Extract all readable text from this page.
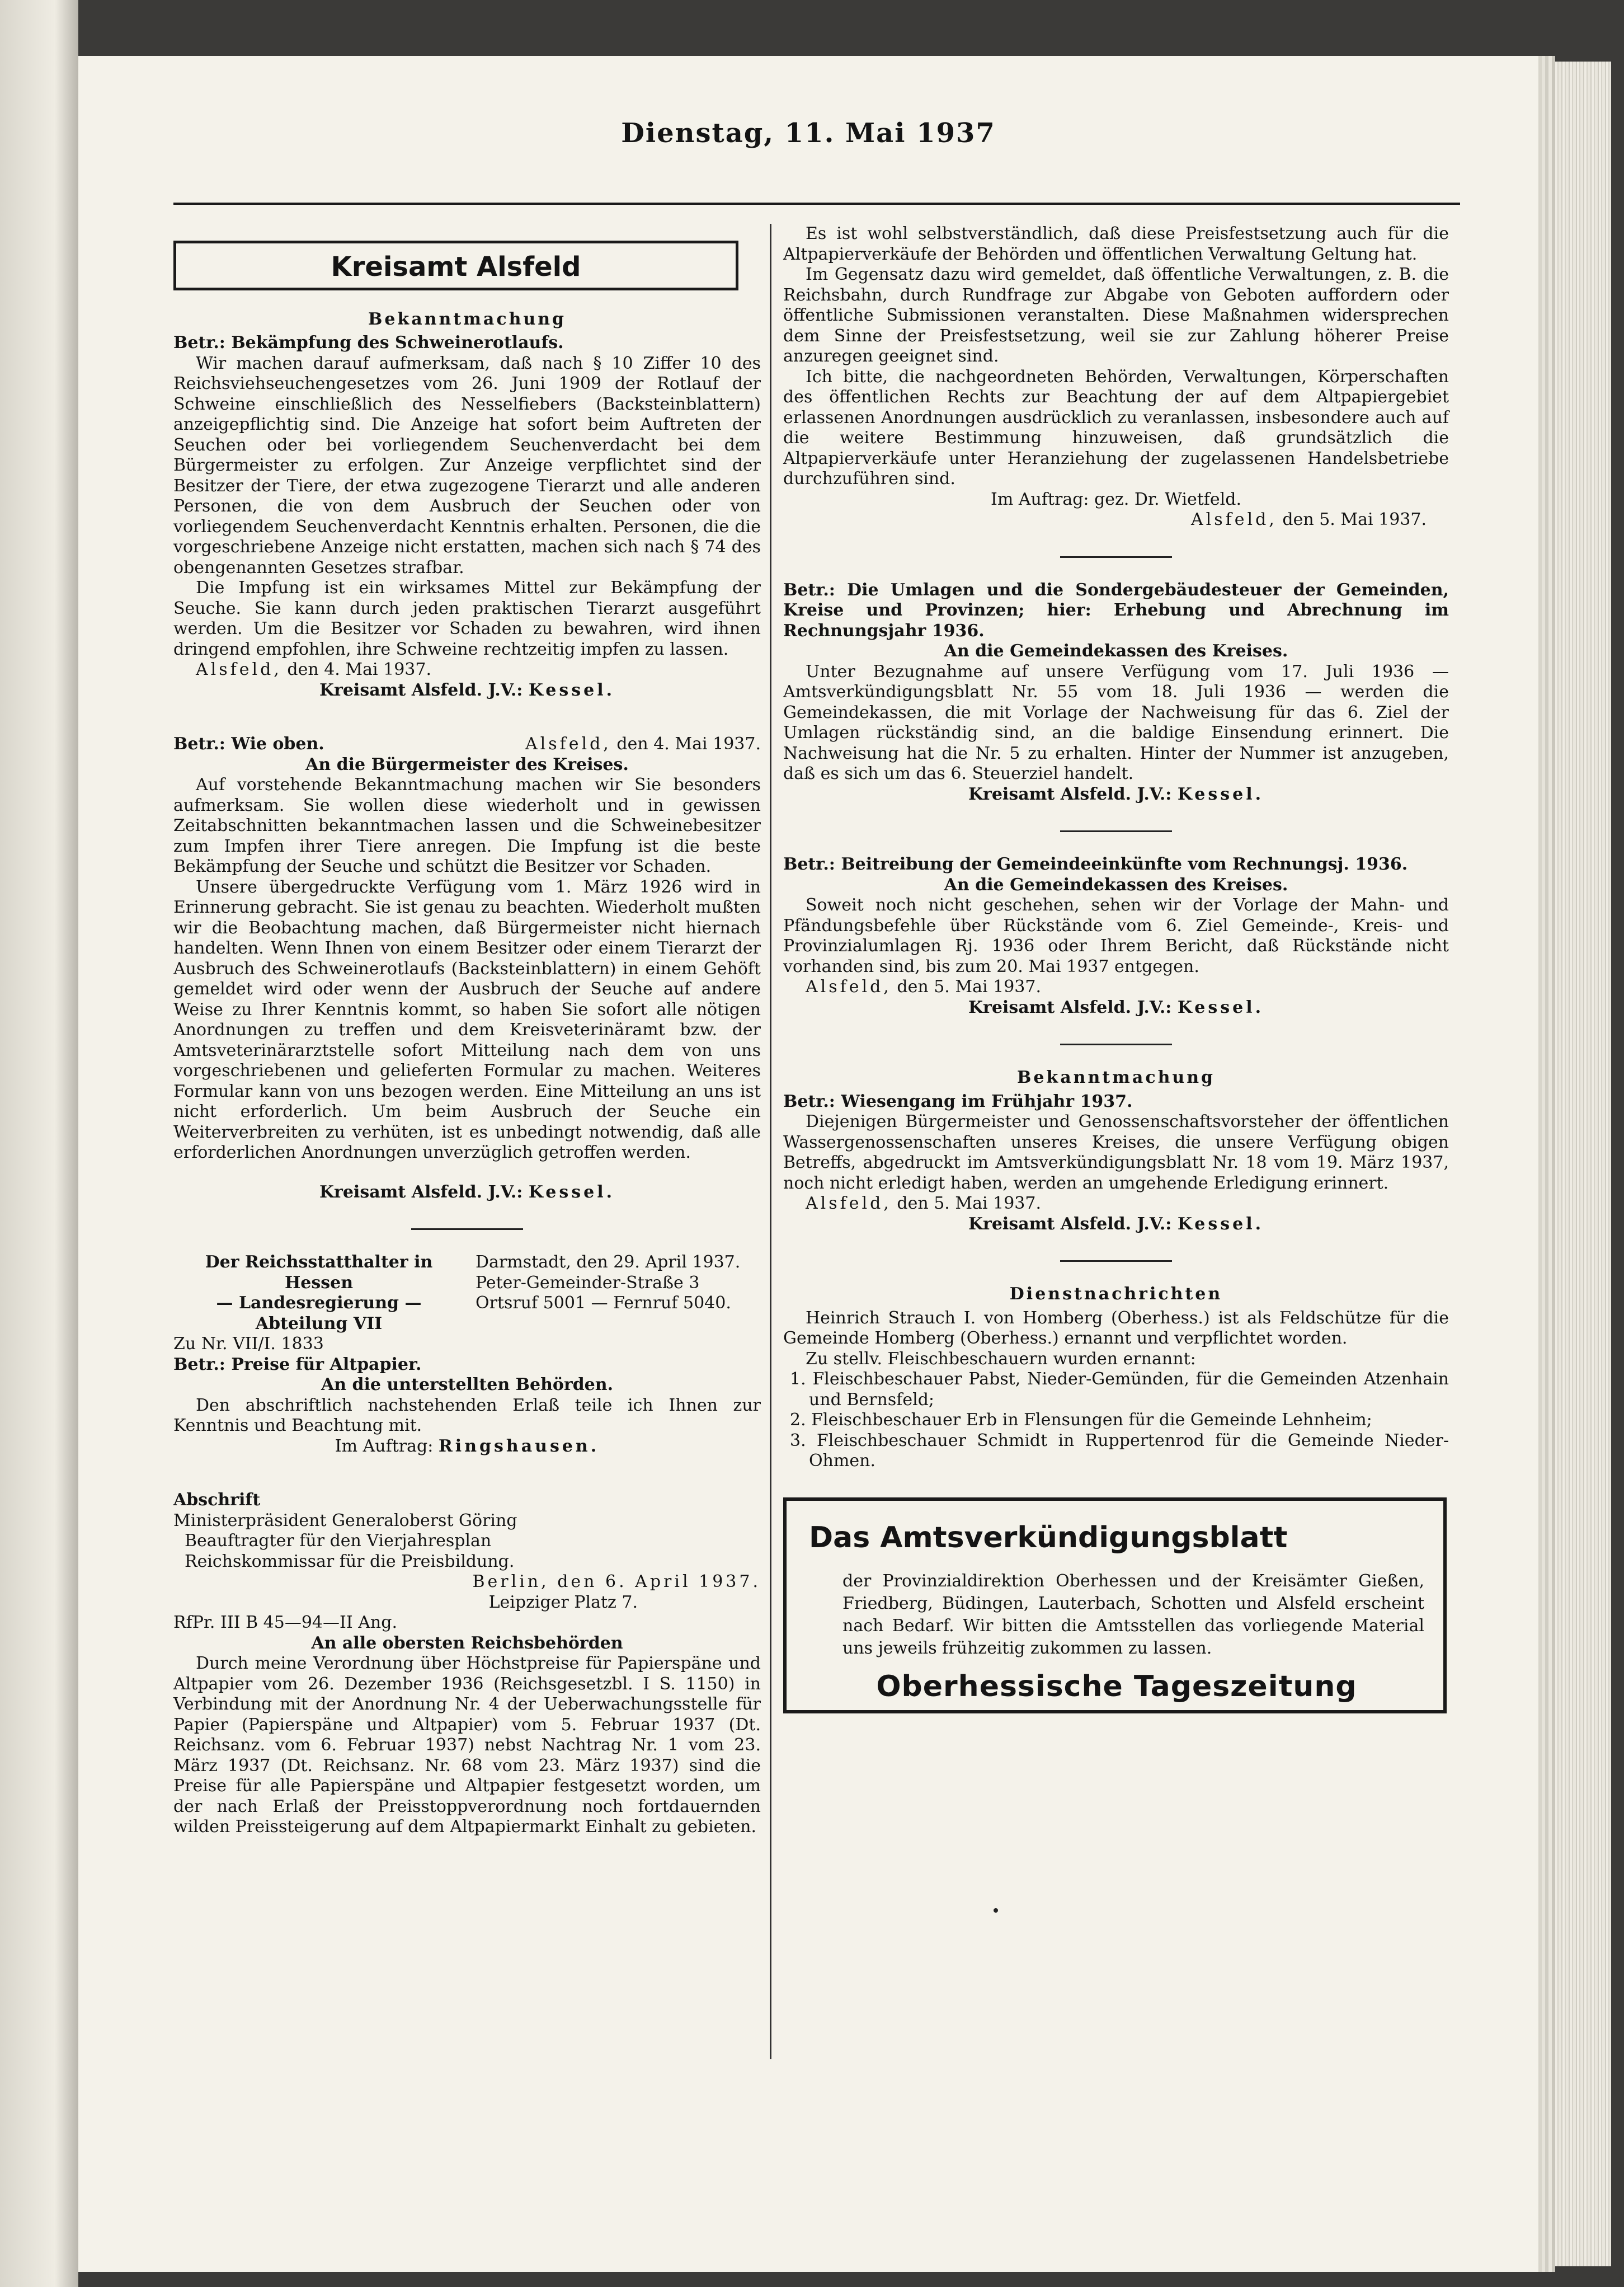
Dienstag, 11. Mai 1937
Kreisamt Alsfeld
Bekanntmachung

Betr.: Bekämpfung des Schweinerotlaufs.

Wir machen darauf aufmerksam, daß nach § 10 Ziffer 10 des Reichsviehseuchengesetzes vom 26. Juni 1909 der Rotlauf der Schweine einschließlich des Nesselfiebers (Backsteinblattern) anzeigepflichtig sind. Die Anzeige hat sofort beim Auftreten der Seuchen oder bei vorliegendem Seuchenverdacht bei dem Bürgermeister zu erfolgen. Zur Anzeige verpflichtet sind der Besitzer der Tiere, der etwa zugezogene Tierarzt und alle anderen Personen, die von dem Ausbruch der Seuchen oder von vorliegendem Seuchenverdacht Kenntnis erhalten. Personen, die die vorgeschriebene Anzeige nicht erstatten, machen sich nach § 74 des obengenannten Gesetzes strafbar.

Die Impfung ist ein wirksames Mittel zur Bekämpfung der Seuche. Sie kann durch jeden praktischen Tierarzt ausgeführt werden. Um die Besitzer vor Schaden zu bewahren, wird ihnen dringend empfohlen, ihre Schweine rechtzeitig impfen zu lassen.

Alsfeld, den 4. Mai 1937.

Kreisamt Alsfeld. J.V.: Kessel.

Betr.: Wie oben.	Alsfeld, den 4. Mai 1937.

An die Bürgermeister des Kreises.

Auf vorstehende Bekanntmachung machen wir Sie besonders aufmerksam. Sie wollen diese wiederholt und in gewissen Zeitabschnitten bekanntmachen lassen und die Schweinebesitzer zum Impfen ihrer Tiere anregen. Die Impfung ist die beste Bekämpfung der Seuche und schützt die Besitzer vor Schaden.

Unsere übergedruckte Verfügung vom 1. März 1926 wird in Erinnerung gebracht. Sie ist genau zu beachten. Wiederholt mußten wir die Beobachtung machen, daß Bürgermeister nicht hiernach handelten. Wenn Ihnen von einem Besitzer oder einem Tierarzt der Ausbruch des Schweinerotlaufs (Backsteinblattern) in einem Gehöft gemeldet wird oder wenn der Ausbruch der Seuche auf andere Weise zu Ihrer Kenntnis kommt, so haben Sie sofort alle nötigen Anordnungen zu treffen und dem Kreisveterinäramt bzw. der Amtsveterinärarztstelle sofort Mitteilung nach dem von uns vorgeschriebenen und gelieferten Formular zu machen. Weiteres Formular kann von uns bezogen werden. Eine Mitteilung an uns ist nicht erforderlich. Um beim Ausbruch der Seuche ein Weiterverbreiten zu verhüten, ist es unbedingt notwendig, daß alle erforderlichen Anordnungen unverzüglich getroffen werden.

Kreisamt Alsfeld. J.V.: Kessel.

Der Reichsstatthalter in Hessen
— Landesregierung —
Abteilung VII
Darmstadt, den 29. April 1937.
Peter-Gemeinder-Straße 3
Ortsruf 5001 — Fernruf 5040.

Zu Nr. VII/I. 1833

Betr.: Preise für Altpapier.

An die unterstellten Behörden.

Den abschriftlich nachstehenden Erlaß teile ich Ihnen zur Kenntnis und Beachtung mit.

Im Auftrag: Ringshausen.

Abschrift

Ministerpräsident Generaloberst Göring
Beauftragter für den Vierjahresplan
Reichskommissar für die Preisbildung.
Berlin, den 6. April 1937.
Leipziger Platz 7.

RfPr. III B 45—94—II Ang.

An alle obersten Reichsbehörden

Durch meine Verordnung über Höchstpreise für Papierspäne und Altpapier vom 26. Dezember 1936 (Reichsgesetzbl. I S. 1150) in Verbindung mit der Anordnung Nr. 4 der Ueberwachungsstelle für Papier (Papierspäne und Altpapier) vom 5. Februar 1937 (Dt. Reichsanz. vom 6. Februar 1937) nebst Nachtrag Nr. 1 vom 23. März 1937 (Dt. Reichsanz. Nr. 68 vom 23. März 1937) sind die Preise für alle Papierspäne und Altpapier festgesetzt worden, um der nach Erlaß der Preisstoppverordnung noch fortdauernden wilden Preissteigerung auf dem Altpapiermarkt Einhalt zu gebieten.

Es ist wohl selbstverständlich, daß diese Preisfestsetzung auch für die Altpapierverkäufe der Behörden und öffentlichen Verwaltung Geltung hat.

Im Gegensatz dazu wird gemeldet, daß öffentliche Verwaltungen, z. B. die Reichsbahn, durch Rundfrage zur Abgabe von Geboten auffordern oder öffentliche Submissionen veranstalten. Diese Maßnahmen widersprechen dem Sinne der Preisfestsetzung, weil sie zur Zahlung höherer Preise anzuregen geeignet sind.

Ich bitte, die nachgeordneten Behörden, Verwaltungen, Körperschaften des öffentlichen Rechts zur Beachtung der auf dem Altpapiergebiet erlassenen Anordnungen ausdrücklich zu veranlassen, insbesondere auch auf die weitere Bestimmung hinzuweisen, daß grundsätzlich die Altpapierverkäufe unter Heranziehung der zugelassenen Handelsbetriebe durchzuführen sind.

Im Auftrag: gez. Dr. Wietfeld.

Alsfeld, den 5. Mai 1937.

Betr.: Die Umlagen und die Sondergebäudesteuer der Gemeinden, Kreise und Provinzen; hier: Erhebung und Abrechnung im Rechnungsjahr 1936.

An die Gemeindekassen des Kreises.

Unter Bezugnahme auf unsere Verfügung vom 17. Juli 1936 — Amtsverkündigungsblatt Nr. 55 vom 18. Juli 1936 — werden die Gemeindekassen, die mit Vorlage der Nachweisung für das 6. Ziel der Umlagen rückständig sind, an die baldige Einsendung erinnert. Die Nachweisung hat die Nr. 5 zu erhalten. Hinter der Nummer ist anzugeben, daß es sich um das 6. Steuerziel handelt.

Kreisamt Alsfeld. J.V.: Kessel.

Betr.: Beitreibung der Gemeindeeinkünfte vom Rechnungsj. 1936.

An die Gemeindekassen des Kreises.

Soweit noch nicht geschehen, sehen wir der Vorlage der Mahn- und Pfändungsbefehle über Rückstände vom 6. Ziel Gemeinde-, Kreis- und Provinzialumlagen Rj. 1936 oder Ihrem Bericht, daß Rückstände nicht vorhanden sind, bis zum 20. Mai 1937 entgegen.

Alsfeld, den 5. Mai 1937.

Kreisamt Alsfeld. J.V.: Kessel.

Bekanntmachung

Betr.: Wiesengang im Frühjahr 1937.

Diejenigen Bürgermeister und Genossenschaftsvorsteher der öffentlichen Wassergenossenschaften unseres Kreises, die unsere Verfügung obigen Betreffs, abgedruckt im Amtsverkündigungsblatt Nr. 18 vom 19. März 1937, noch nicht erledigt haben, werden an umgehende Erledigung erinnert.

Alsfeld, den 5. Mai 1937.

Kreisamt Alsfeld. J.V.: Kessel.

Dienstnachrichten

Heinrich Strauch I. von Homberg (Oberhess.) ist als Feldschütze für die Gemeinde Homberg (Oberhess.) ernannt und verpflichtet worden.

Zu stellv. Fleischbeschauern wurden ernannt:

1. Fleischbeschauer Pabst, Nieder-Gemünden, für die Gemeinden Atzenhain und Bernsfeld;
2. Fleischbeschauer Erb in Flensungen für die Gemeinde Lehnheim;
3. Fleischbeschauer Schmidt in Ruppertenrod für die Gemeinde Nieder-Ohmen.
Das Amtsverkündigungsblatt
der Provinzialdirektion Oberhessen und der Kreisämter Gießen, Friedberg, Büdingen, Lauterbach, Schotten und Alsfeld erscheint nach Bedarf. Wir bitten die Amtsstellen das vorliegende Material uns jeweils frühzeitig zukommen zu lassen.
Oberhessische Tageszeitung
